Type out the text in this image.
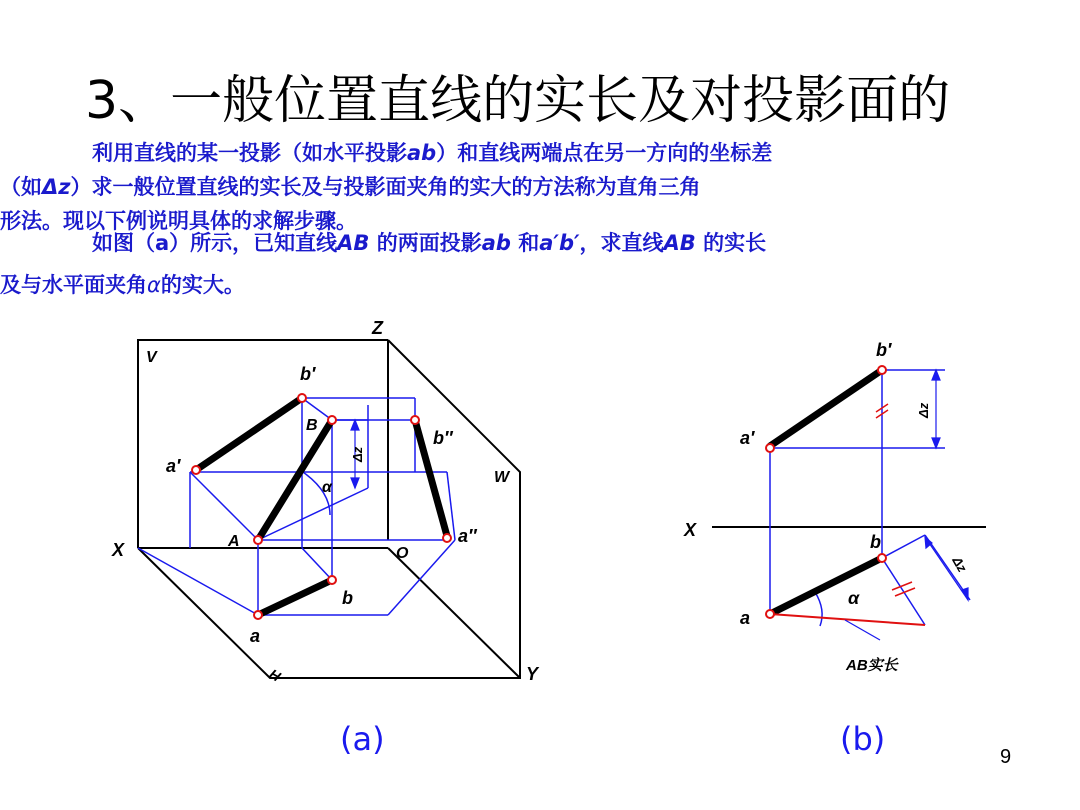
3、一般位置直线的实长及对投影面的
利用直线的某一投影（如水平投影ab）和直线两端点在另一方向的坐标差
（如Δz）求一般位置直线的实长及与投影面夹角的实大的方法称为直角三角
形法。现以下例说明具体的求解步骤。
如图（a）所示，已知直线AB 的两面投影ab 和a′b′，求直线AB 的实长
及与水平面夹角α的实大。
Z
V
b′
a′
B
b″
W
a″
A
O
X
Y
b
a
α
H
Δz
(a)
b′
a′
X
b
a
α
Δz
Δz
AB实长
(b)	9
